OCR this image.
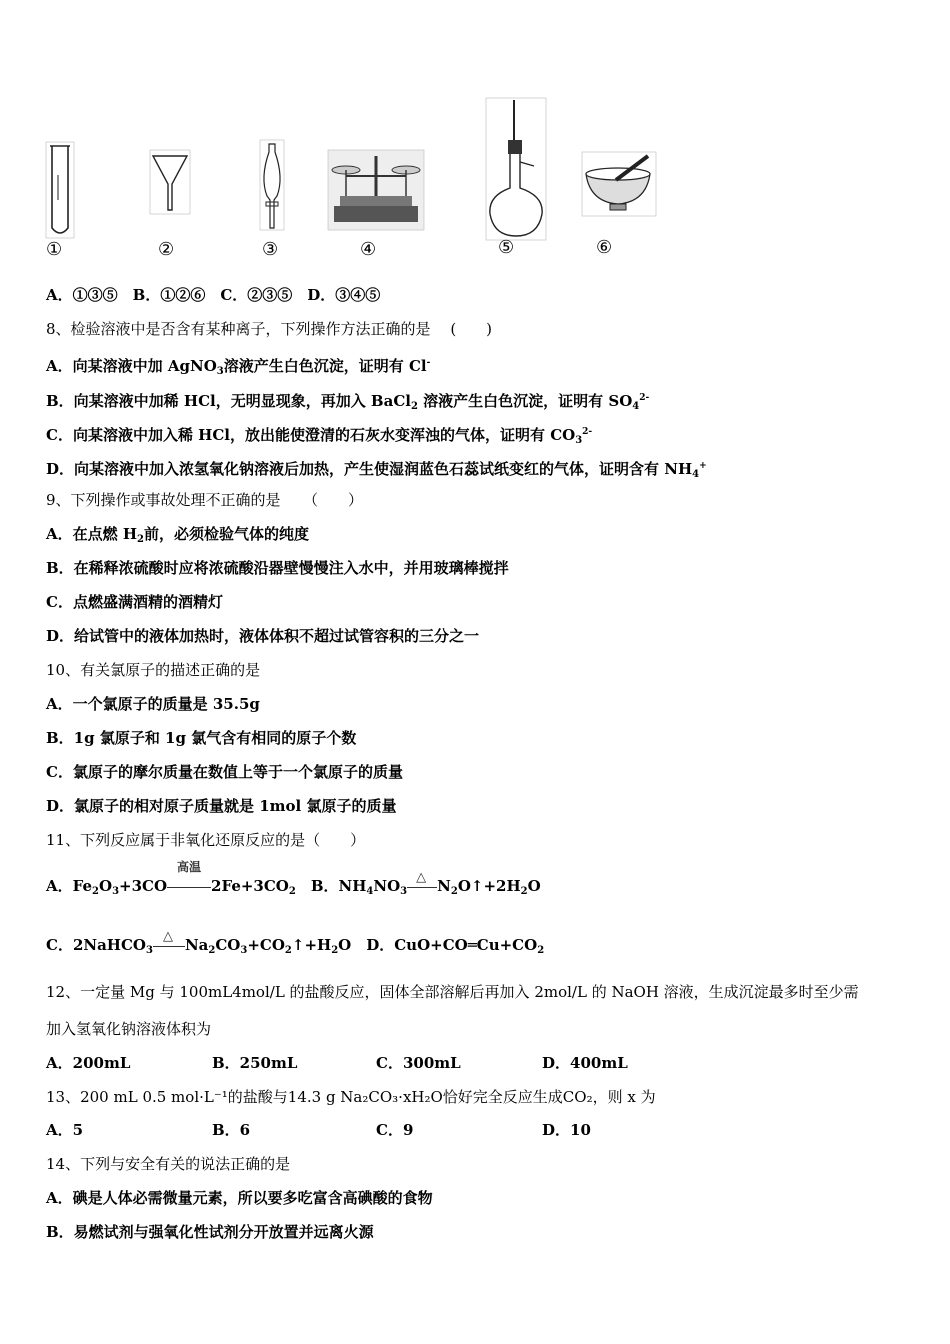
①	②	③	④	⑤	⑥
A．①③⑤　B．①②⑥　C．②③⑤　D．③④⑤
8、检验溶液中是否含有某种离子，下列操作方法正确的是　 (　　)
A．向某溶液中加 AgNO$_3$溶液产生白色沉淀，证明有 Cl-
B．向某溶液中加稀 HCl，无明显现象，再加入 BaCl$_2$ 溶液产生白色沉淀，证明有 $SO_4^{2-}$
C．向某溶液中加入稀 HCl，放出能使澄清的石灰水变浑浊的气体，证明有 $CO_3^{2-}$
D．向某溶液中加入浓氢氧化钠溶液后加热，产生使湿润蓝色石蕊试纸变红的气体，证明含有 $NH_4^+$
9、下列操作或事故处理不正确的是　　（　　）
A．在点燃 $H_2$前，必须检验气体的纯度
B．在稀释浓硫酸时应将浓硫酸沿器壁慢慢注入水中，并用玻璃棒搅拌
C．点燃盛满酒精的酒精灯
D．给试管中的液体加热时，液体体积不超过试管容积的三分之一
10、有关氯原子的描述正确的是
A．一个氯原子的质量是 35.5g
B．1g 氯原子和 1g 氯气含有相同的原子个数
C．氯原子的摩尔质量在数值上等于一个氯原子的质量
D．氯原子的相对原子质量就是 1mol 氯原子的质量
11、下列反应属于非氧化还原反应的是（　　）
A．$Fe_2O_3+3CO$
高温
$2Fe+3CO_2$　B．$NH_4NO_3$
△ $N_2O↑+2H_2O$
C．2NaHCO$_3$
△ $Na_2CO_3+CO_2↑+H_2O$　D．$CuO+CO═Cu+CO_2$
12、一定量 Mg 与 100mL4mol/L 的盐酸反应，固体全部溶解后再加入 2mol/L 的 NaOH 溶液，生成沉淀最多时至少需
加入氢氧化钠溶液体积为
A．200mL	B．250mL	C．300mL	D．400mL
13、200 mL 0.5 mol·L⁻¹的盐酸与14.3 g Na₂CO₃·xH₂O恰好完全反应生成CO₂，则 x 为
A．5	B．6	C．9	D．10
14、下列与安全有关的说法正确的是
A．碘是人体必需微量元素，所以要多吃富含高碘酸的食物
B．易燃试剂与强氧化性试剂分开放置并远离火源
